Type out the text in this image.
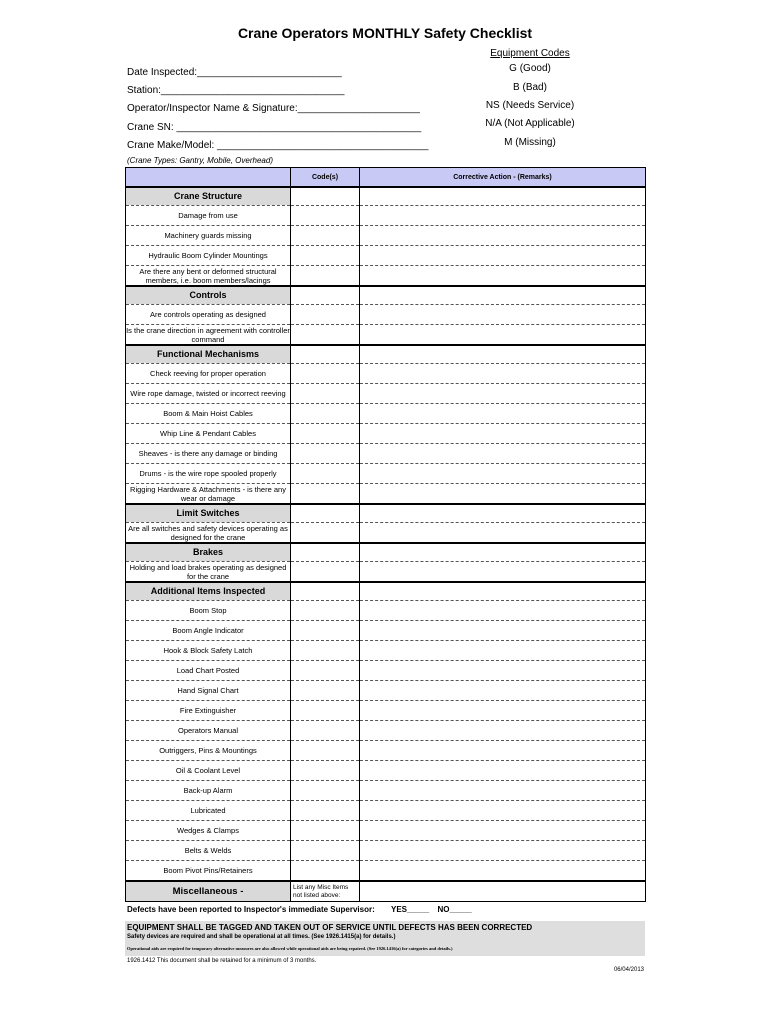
Crane Operators MONTHLY Safety Checklist
Equipment Codes
G (Good)
B (Bad)
NS (Needs Service)
N/A (Not Applicable)
M (Missing)
Date Inspected:__________________________
Station:_________________________________
Operator/Inspector Name & Signature:______________________
Crane SN: ____________________________________________
Crane Make/Model: ______________________________________
(Crane Types: Gantry, Mobile, Overhead)
	Code(s)	Corrective Action - (Remarks)
Crane Structure		
Damage from use		
Machinery guards missing		
Hydraulic Boom Cylinder Mountings		
Are there any bent or deformed structural members, i.e. boom members/lacings		
Controls		
Are controls operating as designed		
Is the crane direction in agreement with controller command		
Functional Mechanisms		
Check reeving for proper operation		
Wire rope damage, twisted or incorrect reeving		
Boom & Main Hoist Cables		
Whip Line & Pendant Cables		
Sheaves - is there any damage or binding		
Drums - is the wire rope spooled properly		
Rigging Hardware & Attachments - is there any wear or damage		
Limit Switches		
Are all switches and safety devices operating as designed for the crane		
Brakes		
Holding and load brakes operating as designed for the crane		
Additional Items Inspected		
Boom Stop		
Boom Angle Indicator		
Hook & Block Safety Latch		
Load Chart Posted		
Hand Signal Chart		
Fire Extinguisher		
Operators Manual		
Outriggers, Pins & Mountings		
Oil & Coolant Level		
Back-up Alarm		
Lubricated		
Wedges & Clamps		
Belts & Welds		
Boom Pivot Pins/Retainers		
Miscellaneous -	List any Misc Items not listed above:	
Defects have been reported to Inspector's immediate Supervisor: YES_____ NO_____
EQUIPMENT SHALL BE TAGGED AND TAKEN OUT OF SERVICE UNTIL DEFECTS HAS BEEN CORRECTED
Safety devices are required and shall be operational at all times. (See 1926.1415(a) for details.)
Operational aids are required for temporary alternative measures are also allowed while operational aids are being repaired. (See 1926.1416(a) for categories and details.)
1926.1412 This document shall be retained for a minimum of 3 months.
06/04/2013
